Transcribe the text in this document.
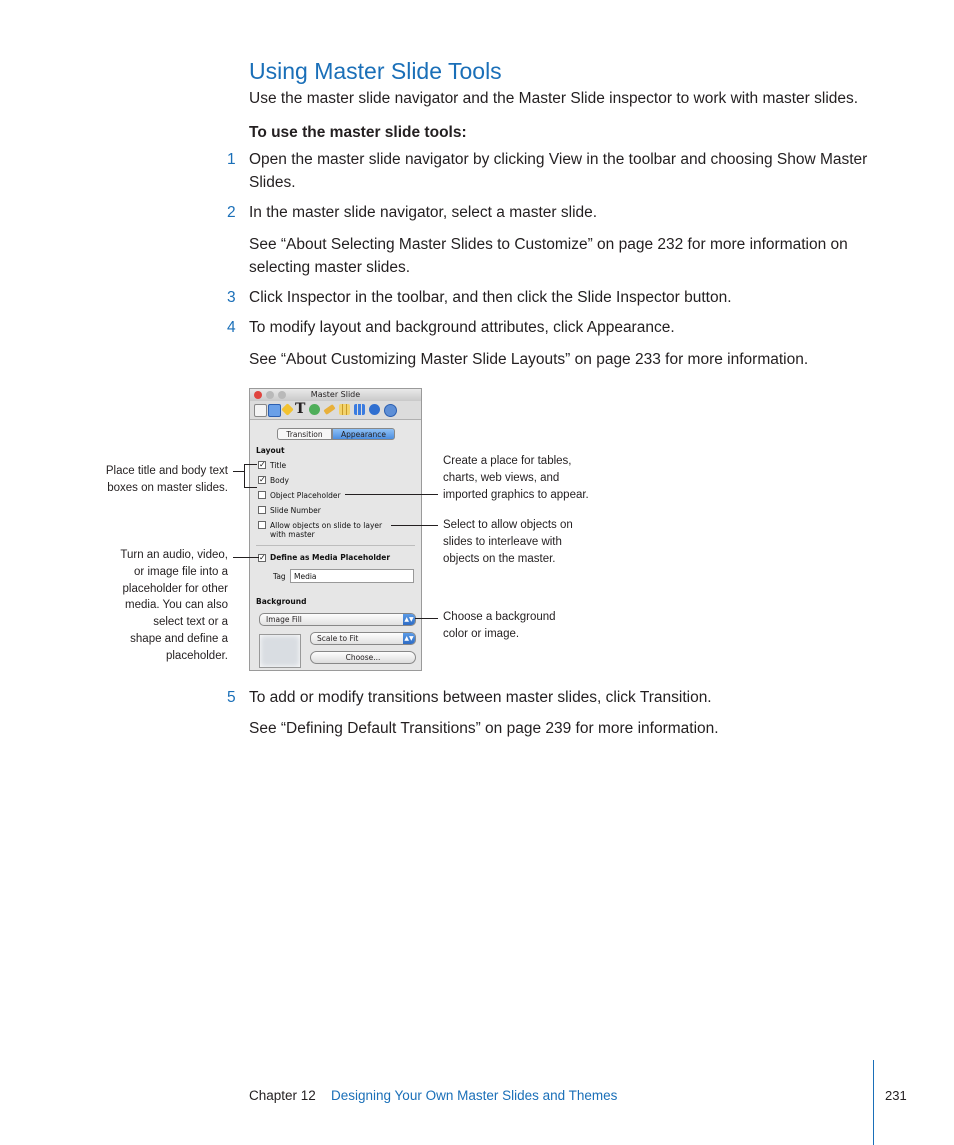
Using Master Slide Tools
Use the master slide navigator and the Master Slide inspector to work with master slides.
To use the master slide tools:
1 Open the master slide navigator by clicking View in the toolbar and choosing Show Master Slides.
2 In the master slide navigator, select a master slide.
See “About Selecting Master Slides to Customize” on page 232 for more information on selecting master slides.
3 Click Inspector in the toolbar, and then click the Slide Inspector button.
4 To modify layout and background attributes, click Appearance.
See “About Customizing Master Slide Layouts” on page 233 for more information.
Master Slide
T
Transition	Appearance
Layout
✓ Title
✓ Body
Object Placeholder
Slide Number
Allow objects on slide to layer
with master
✓ Define as Media Placeholder
Tag Media
Background
Image Fill	▲▼
Scale to Fit	▲▼
Choose...
Place title and body text
boxes on master slides.
Turn an audio, video,
or image file into a
placeholder for other
media. You can also
select text or a
shape and define a
placeholder.
Create a place for tables,
charts, web views, and
imported graphics to appear.
Select to allow objects on
slides to interleave with
objects on the master.
Choose a background
color or image.
5 To add or modify transitions between master slides, click Transition.
See “Defining Default Transitions” on page 239 for more information.
Chapter 12 Designing Your Own Master Slides and Themes	231
